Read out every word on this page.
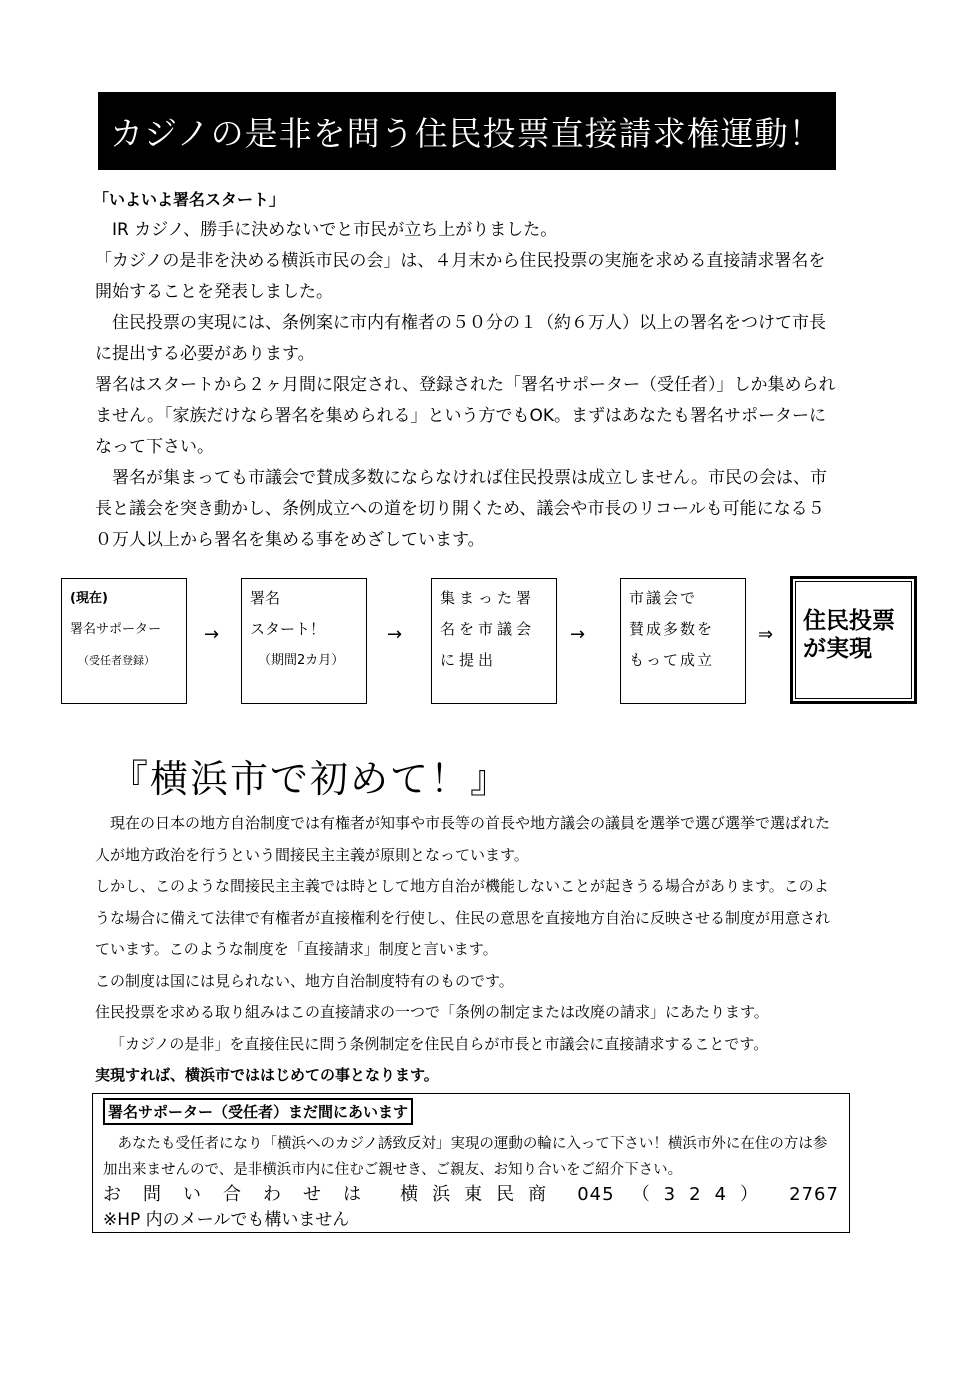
カジノの是非を問う住民投票直接請求権運動！
「いよいよ署名スタート」

IR カジノ、勝手に決めないでと市民が立ち上がりました。

「カジノの是非を決める横浜市民の会」は、４月末から住民投票の実施を求める直接請求署名を開始することを発表しました。

住民投票の実現には、条例案に市内有権者の５０分の１（約６万人）以上の署名をつけて市長に提出する必要があります。

署名はスタートから２ヶ月間に限定され、登録された「署名サポーター（受任者）」しか集められません。「家族だけなら署名を集められる」という方でもOK。まずはあなたも署名サポーターになって下さい。

署名が集まっても市議会で賛成多数にならなければ住民投票は成立しません。市民の会は、市長と議会を突き動かし、条例成立への道を切り開くため、議会や市長のリコールも可能になる５０万人以上から署名を集める事をめざしています。

(現在)
署名サポーター
（受任者登録）
→
署名
スタート！
（期間2カ月）
→
集まった署
名を市議会
に提出
→
市議会で
賛成多数を
もって成立
⇒
住民投票
が実現
『横浜市で初めて！』

現在の日本の地方自治制度では有権者が知事や市長等の首長や地方議会の議員を選挙で選び選挙で選ばれた人が地方政治を行うという間接民主主義が原則となっています。

しかし、このような間接民主主義では時として地方自治が機能しないことが起きうる場合があります。このような場合に備えて法律で有権者が直接権利を行使し、住民の意思を直接地方自治に反映させる制度が用意されています。このような制度を「直接請求」制度と言います。

この制度は国には見られない、地方自治制度特有のものです。

住民投票を求める取り組みはこの直接請求の一つで「条例の制定または改廃の請求」にあたります。

「カジノの是非」を直接住民に問う条例制定を住民自らが市長と市議会に直接請求することです。

実現すれば、横浜市でははじめての事となります。

署名サポーター（受任者）まだ間にあいます

あなたも受任者になり「横浜へのカジノ誘致反対」実現の運動の輪に入って下さい！横浜市外に在住の方は参加出来ませんので、是非横浜市内に住むご親せき、ご親友、お知り合いをご紹介下さい。

お問い合わせは 横浜東民商 045 （324） 2767
※HP 内のメールでも構いません
